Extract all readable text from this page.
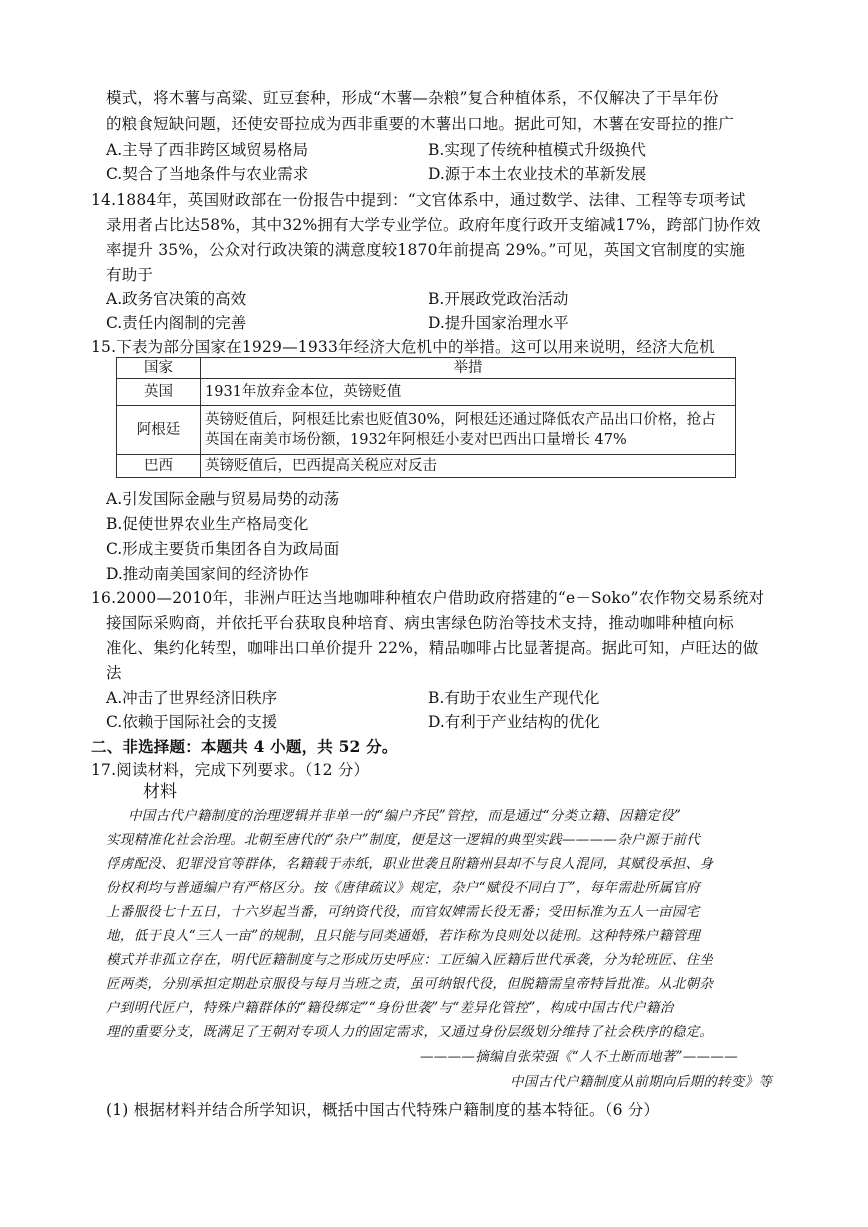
模式，将木薯与高粱、豇豆套种，形成“木薯—杂粮”复合种植体系，不仅解决了干旱年份
的粮食短缺问题，还使安哥拉成为西非重要的木薯出口地。据此可知，木薯在安哥拉的推广
A.主导了西非跨区域贸易格局	B.实现了传统种植模式升级换代
C.契合了当地条件与农业需求	D.源于本土农业技术的革新发展
14.1884年，英国财政部在一份报告中提到：“文官体系中，通过数学、法律、工程等专项考试
录用者占比达58%，其中32%拥有大学专业学位。政府年度行政开支缩减17%，跨部门协作效
率提升 35%，公众对行政决策的满意度较1870年前提高 29%。”可见，英国文官制度的实施
有助于
A.政务官决策的高效	B.开展政党政治活动
C.责任内阁制的完善	D.提升国家治理水平
15.下表为部分国家在1929—1933年经济大危机中的举措。这可以用来说明，经济大危机
国家	举措
英国	1931年放弃金本位，英镑贬值

阿根廷	英镑贬值后，阿根廷比索也贬值30%，阿根廷还通过降低农产品出口价格，抢占
英国在南美市场份额，1932年阿根廷小麦对巴西出口量增长 47%

巴西	英镑贬值后，巴西提高关税应对反击
A.引发国际金融与贸易局势的动荡
B.促使世界农业生产格局变化
C.形成主要货币集团各自为政局面
D.推动南美国家间的经济协作
16.2000—2010年，非洲卢旺达当地咖啡种植农户借助政府搭建的“e－Soko”农作物交易系统对
接国际采购商，并依托平台获取良种培育、病虫害绿色防治等技术支持，推动咖啡种植向标
准化、集约化转型，咖啡出口单价提升 22%，精品咖啡占比显著提高。据此可知，卢旺达的做
法
A.冲击了世界经济旧秩序	B.有助于农业生产现代化
C.依赖于国际社会的支援	D.有利于产业结构的优化
二、非选择题：本题共 4 小题，共 52 分。
17.阅读材料，完成下列要求。（12 分）
材料
中国古代户籍制度的治理逻辑并非单一的“编户齐民”管控，而是通过“分类立籍、因籍定役”
实现精准化社会治理。北朝至唐代的“杂户”制度，便是这一逻辑的典型实践————杂户源于前代
俘虏配没、犯罪没官等群体，名籍载于赤纸，职业世袭且附籍州县却不与良人混同，其赋役承担、身
份权利均与普通编户有严格区分。按《唐律疏议》规定，杂户“赋役不同白丁”，每年需赴所属官府
上番服役七十五日，十六岁起当番，可纳资代役，而官奴婢需长役无番；受田标准为五人一亩园宅
地，低于良人“三人一亩”的规制，且只能与同类通婚，若诈称为良则处以徒刑。这种特殊户籍管理
模式并非孤立存在，明代匠籍制度与之形成历史呼应：工匠编入匠籍后世代承袭，分为轮班匠、住坐
匠两类，分别承担定期赴京服役与每月当班之责，虽可纳银代役，但脱籍需皇帝特旨批准。从北朝杂
户到明代匠户，特殊户籍群体的“籍役绑定”“身份世袭”与“差异化管控”，构成中国古代户籍治
理的重要分支，既满足了王朝对专项人力的固定需求，又通过身份层级划分维持了社会秩序的稳定。
————摘编自张荣强《“人不土断而地著”————
中国古代户籍制度从前期向后期的转变》等
(1) 根据材料并结合所学知识，概括中国古代特殊户籍制度的基本特征。（6 分）
